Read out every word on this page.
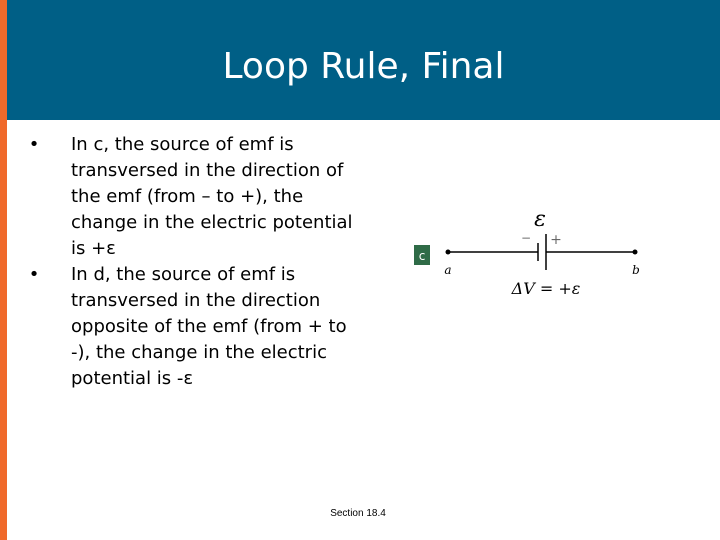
Loop Rule, Final
• In c, the source of emf is transversed in the direction of the emf (from – to +), the change in the electric potential is +ε
• In d, the source of emf is transversed in the direction opposite of the emf (from + to -), the change in the electric potential is -ε
c
ε
− +
a	b
ΔV = +ε
Section 18.4
